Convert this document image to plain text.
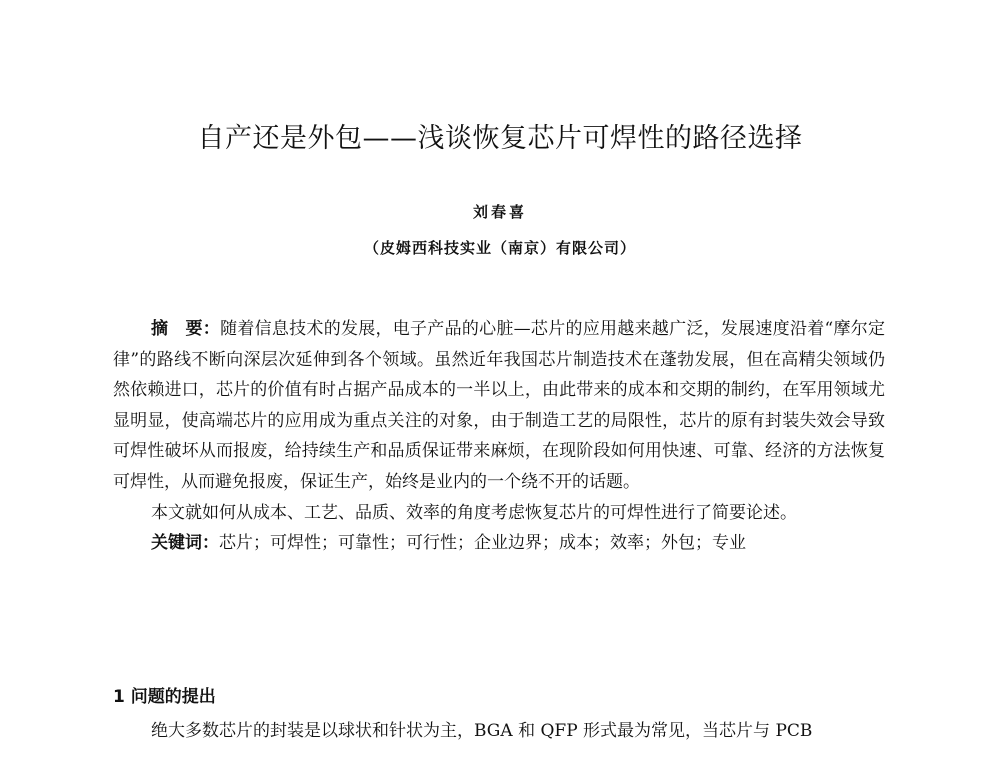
自产还是外包——浅谈恢复芯片可焊性的路径选择
刘春喜
（皮姆西科技实业（南京）有限公司）

摘　要：随着信息技术的发展，电子产品的心脏—芯片的应用越来越广泛，发展速度沿着“摩尔定律”的路线不断向深层次延伸到各个领域。虽然近年我国芯片制造技术在蓬勃发展，但在高精尖领域仍然依赖进口，芯片的价值有时占据产品成本的一半以上，由此带来的成本和交期的制约，在军用领域尤显明显，使高端芯片的应用成为重点关注的对象，由于制造工艺的局限性，芯片的原有封装失效会导致可焊性破坏从而报废，给持续生产和品质保证带来麻烦，在现阶段如何用快速、可靠、经济的方法恢复可焊性，从而避免报废，保证生产，始终是业内的一个绕不开的话题。

本文就如何从成本、工艺、品质、效率的角度考虑恢复芯片的可焊性进行了简要论述。

关键词：芯片；可焊性；可靠性；可行性；企业边界；成本；效率；外包；专业

1 问题的提出

绝大多数芯片的封装是以球状和针状为主，BGA 和 QFP 形式最为常见，当芯片与 PCB
